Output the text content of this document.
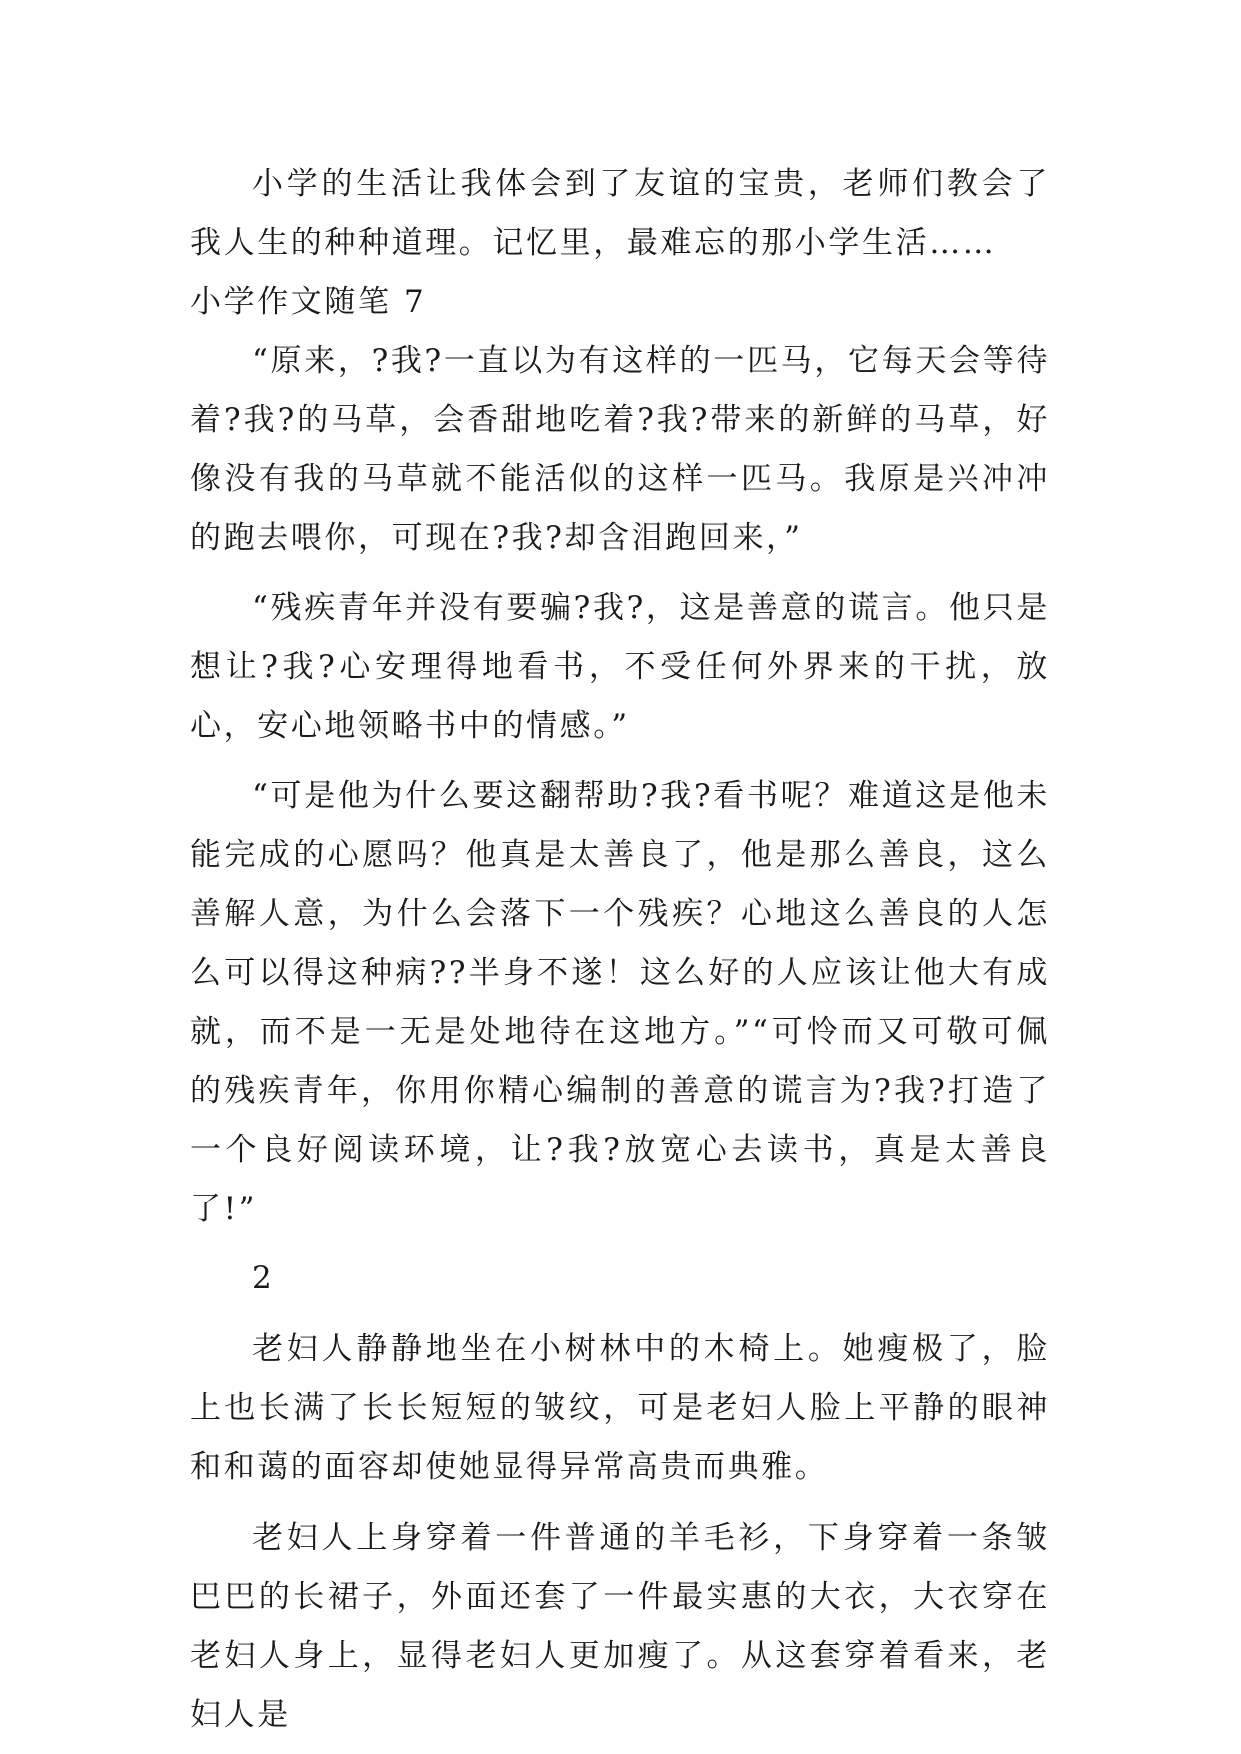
小学的生活让我体会到了友谊的宝贵，老师们教会了我人生的种种道理。记忆里，最难忘的那小学生活……

小学作文随笔 7

“原来，?我?一直以为有这样的一匹马，它每天会等待着?我?的马草，会香甜地吃着?我?带来的新鲜的马草，好像没有我的马草就不能活似的这样一匹马。我原是兴冲冲的跑去喂你，可现在?我?却含泪跑回来，”

“残疾青年并没有要骗?我?，这是善意的谎言。他只是想让?我?心安理得地看书，不受任何外界来的干扰，放心，安心地领略书中的情感。”

“可是他为什么要这翻帮助?我?看书呢？难道这是他未能完成的心愿吗？他真是太善良了，他是那么善良，这么善解人意，为什么会落下一个残疾？心地这么善良的人怎么可以得这种病??半身不遂！这么好的人应该让他大有成就，而不是一无是处地待在这地方。”“可怜而又可敬可佩的残疾青年，你用你精心编制的善意的谎言为?我?打造了一个良好阅读环境，让?我?放宽心去读书，真是太善良了!”

2

老妇人静静地坐在小树林中的木椅上。她瘦极了，脸上也长满了长长短短的皱纹，可是老妇人脸上平静的眼神和和蔼的面容却使她显得异常高贵而典雅。

老妇人上身穿着一件普通的羊毛衫，下身穿着一条皱巴巴的长裙子，外面还套了一件最实惠的大衣，大衣穿在老妇人身上，显得老妇人更加瘦了。从这套穿着看来，老妇人是
